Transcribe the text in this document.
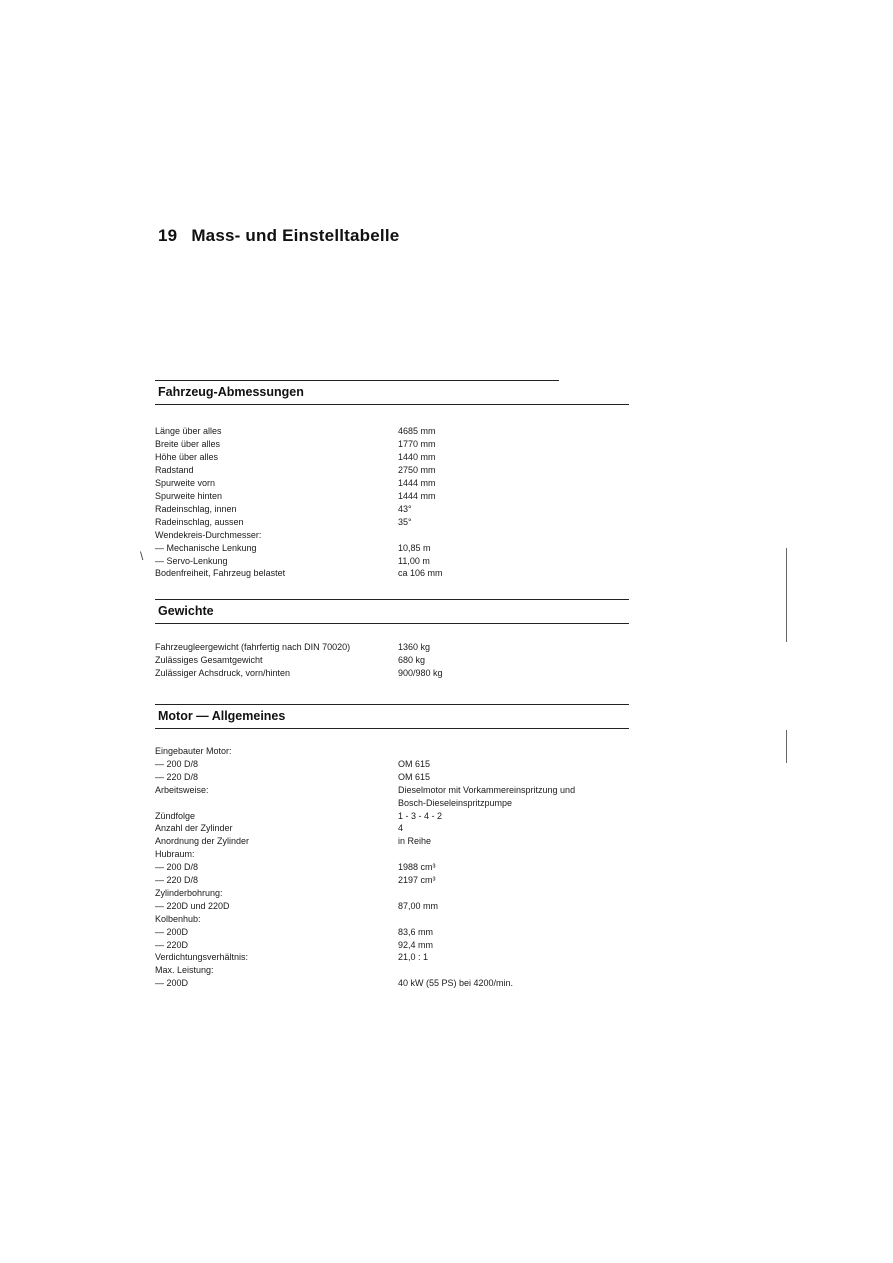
19 Mass- und Einstelltabelle
Fahrzeug-Abmessungen
Länge über alles	4685 mm
Breite über alles	1770 mm
Höhe über alles	1440 mm
Radstand	2750 mm
Spurweite vorn	1444 mm
Spurweite hinten	1444 mm
Radeinschlag, innen	43°
Radeinschlag, aussen	35°
Wendekreis-Durchmesser:
— Mechanische Lenkung	10,85 m
— Servo-Lenkung	11,00 m
Bodenfreiheit, Fahrzeug belastet	ca 106 mm
Gewichte
Fahrzeugleergewicht (fahrfertig nach DIN 70020)	1360 kg
Zulässiges Gesamtgewicht	680 kg
Zulässiger Achsdruck, vorn/hinten	900/980 kg
Motor — Allgemeines
Eingebauter Motor:
— 200 D/8	OM 615
— 220 D/8	OM 615
Arbeitsweise:	Dieselmotor mit Vorkammereinspritzung und
Bosch-Dieseleinspritzpumpe
Zündfolge	1 - 3 - 4 - 2
Anzahl der Zylinder	4
Anordnung der Zylinder	in Reihe
Hubraum:
— 200 D/8	1988 cm³
— 220 D/8	2197 cm³
Zylinderbohrung:
— 220D und 220D	87,00 mm
Kolbenhub:
— 200D	83,6 mm
— 220D	92,4 mm
Verdichtungsverhältnis:	21,0 : 1
Max. Leistung:
— 200D	40 kW (55 PS) bei 4200/min.
\
